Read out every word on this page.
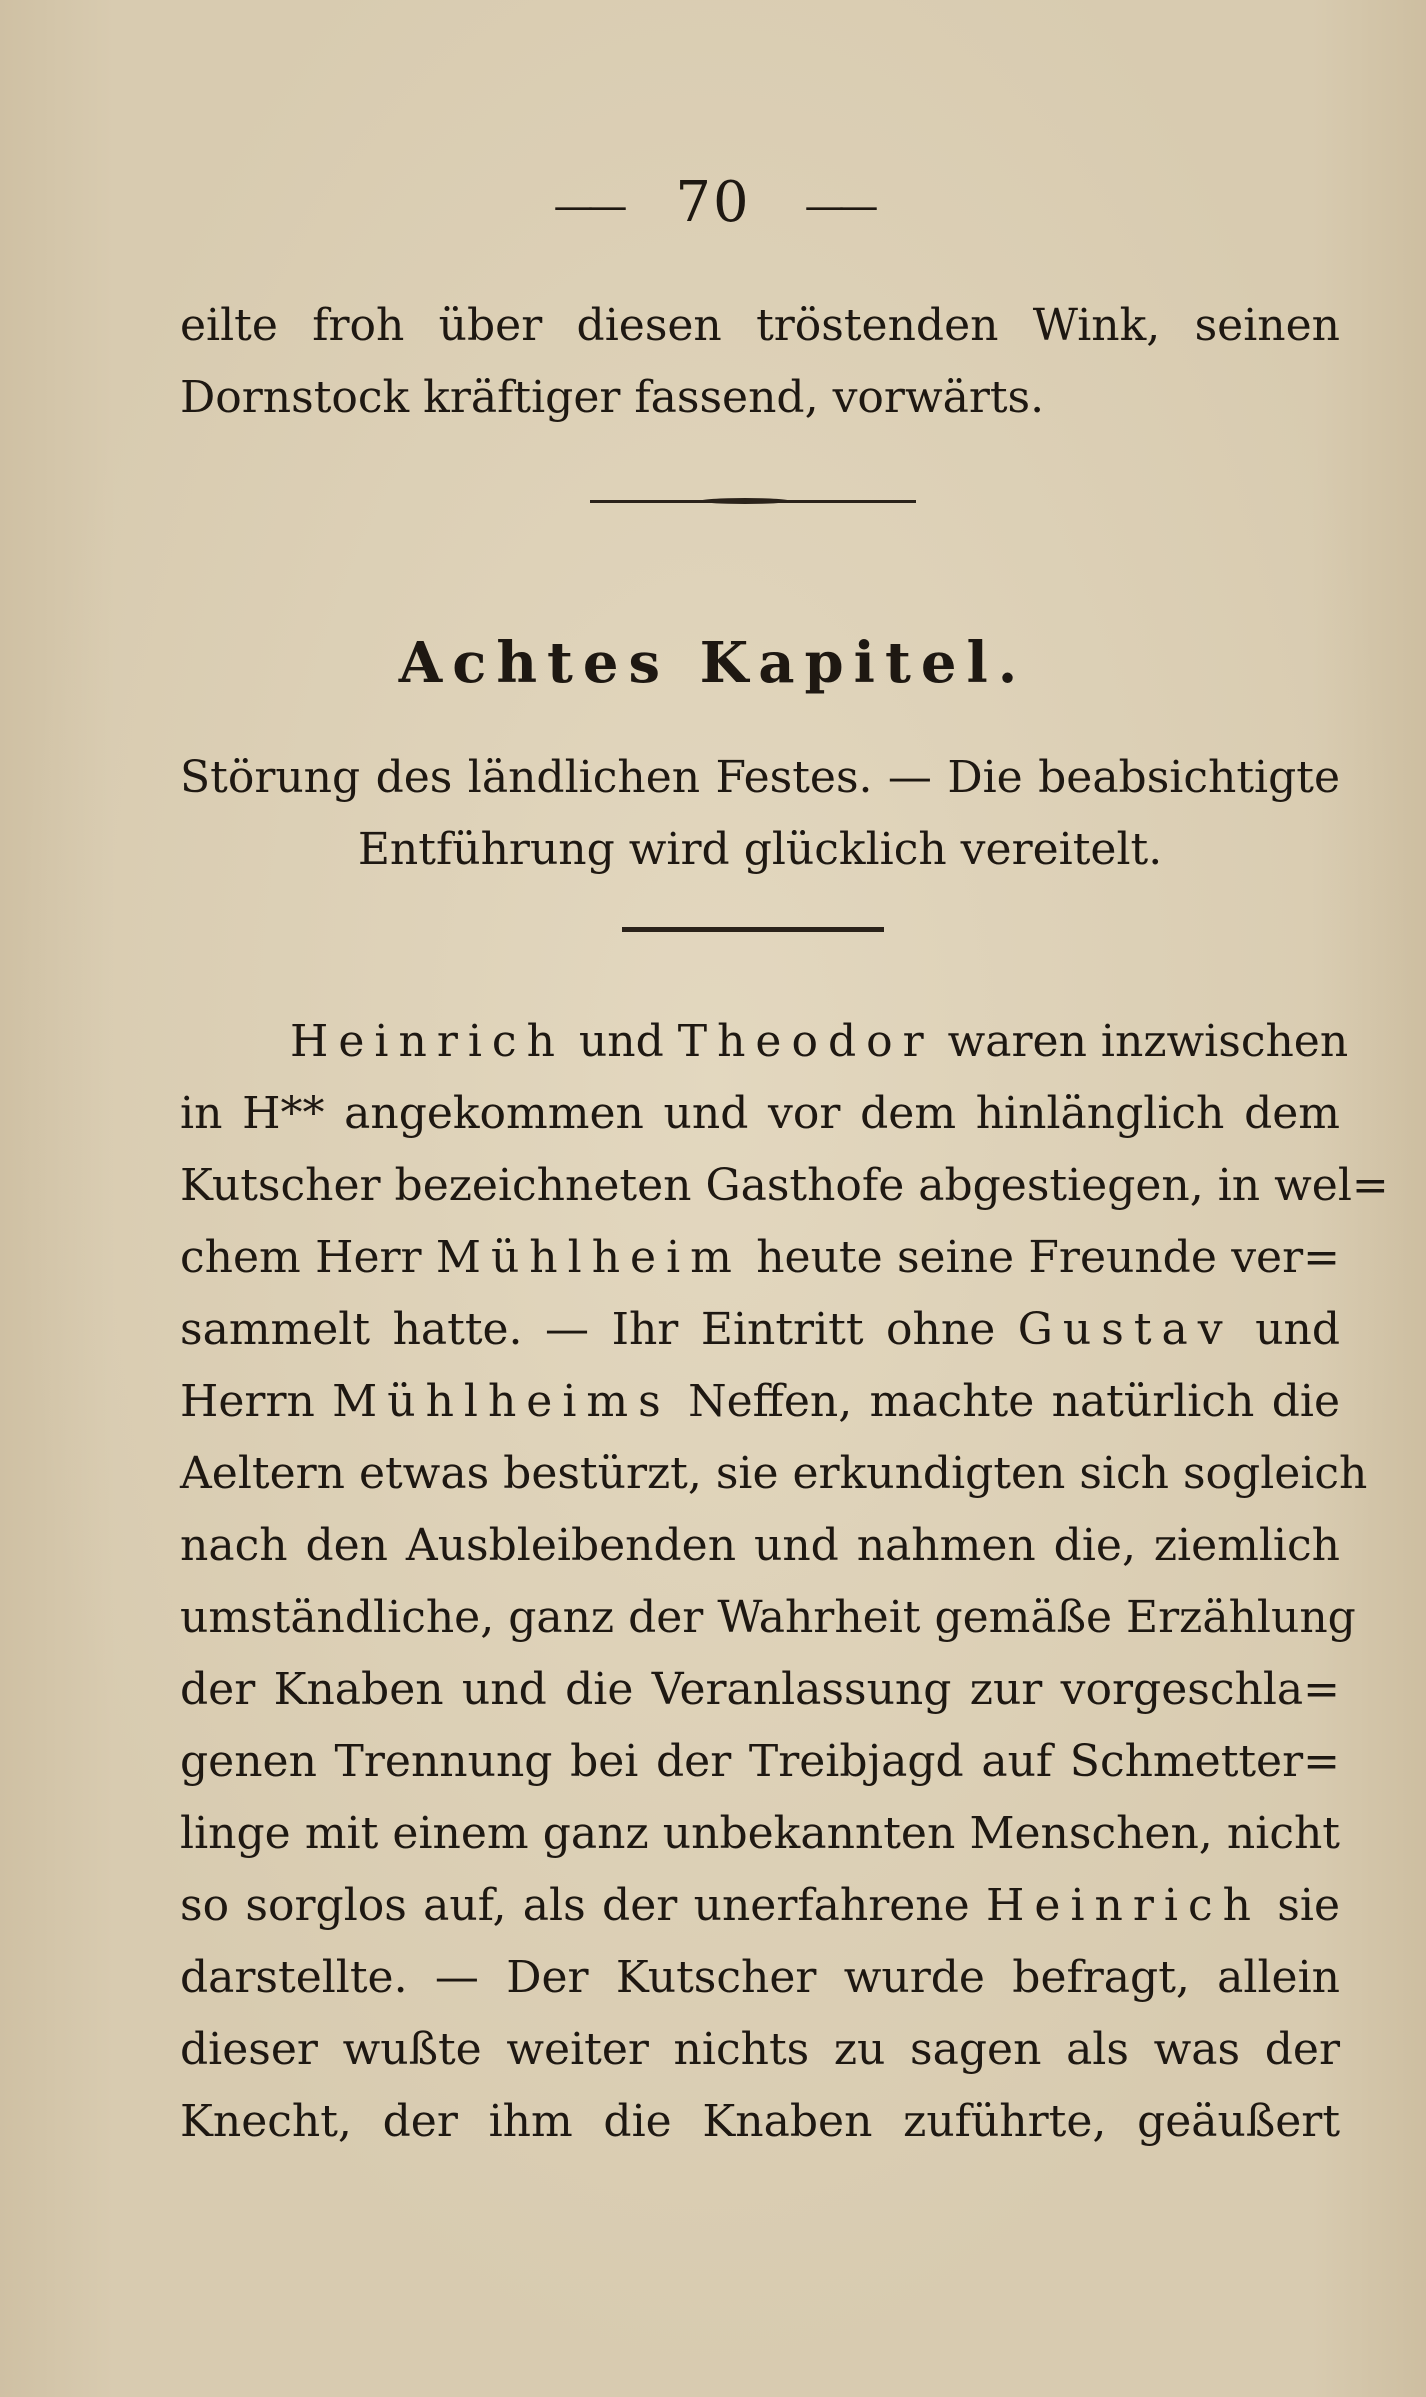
—— 70 ——
eilte froh über diesen tröstenden Wink, seinen
Dornstock kräftiger fassend, vorwärts.
Achtes Kapitel.
Störung des ländlichen Festes. — Die beabsichtigte
Entführung wird glücklich vereitelt.
Heinrich und Theodor waren inzwischen
in H** angekommen und vor dem hinlänglich dem
Kutscher bezeichneten Gasthofe abgestiegen, in wel=
chem Herr Mühlheim heute seine Freunde ver=
sammelt hatte. — Ihr Eintritt ohne Gustav und
Herrn Mühlheims Neffen, machte natürlich die
Aeltern etwas bestürzt, sie erkundigten sich sogleich
nach den Ausbleibenden und nahmen die, ziemlich
umständliche, ganz der Wahrheit gemäße Erzählung
der Knaben und die Veranlassung zur vorgeschla=
genen Trennung bei der Treibjagd auf Schmetter=
linge mit einem ganz unbekannten Menschen, nicht
so sorglos auf, als der unerfahrene Heinrich sie
darstellte. — Der Kutscher wurde befragt, allein
dieser wußte weiter nichts zu sagen als was der
Knecht, der ihm die Knaben zuführte, geäußert
